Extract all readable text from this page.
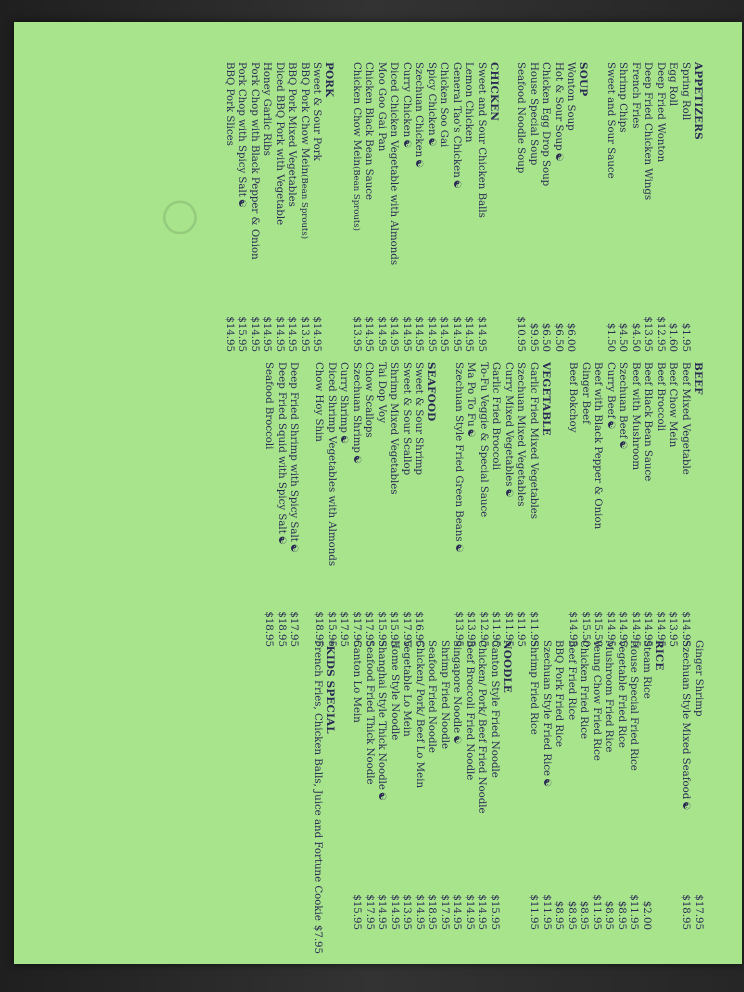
○
APPETIZERS
Spring Roll
$1.95
Egg Roll
$1.60
Deep Fried Wonton
$12.95
Deep Fried Chicken Wings
$13.95
French Fries
$4.50
Shrimp Chips
$4.50
Sweet and Sour Sauce
$1.50
SOUP
Wonton Soup
$6.00
Hot & Sour Soup
☯
$6.50
Chicken Egg Drop Soup
$6.50
House Special Soup
$9.95
Seafood Noodle Soup
$10.95
CHICKEN
Sweet and Sour Chicken Balls
$14.95
Lemon Chicken
$14.95
General Tao's Chicken
☯
$14.95
Chicken Soo Gai
$14.95
Spicy Chicken
☯
$14.95
Szechuan Chicken
☯
$14.95
Curry Chicken
☯
$14.95
Diced Chicken Vegetable with Almonds
$14.95
Moo Goo Gai Pan
$14.95
Chicken Black Bean Sauce
$14.95
Chicken Chow Mein
(Bean Sprouts)
$13.95
PORK
Sweet & Sour Pork
$14.95
BBQ Pork Chow Mein
(Bean Sprouts)
$13.95
BBQ Pork Mixed Vegetables
$14.95
Diced BBQ Pork with Vegetable
$14.95
Honey Garlic Ribs
$14.95
Pork Chop with Black Pepper & Onion
$14.95
Pork Chop with Spicy Salt
☯
$15.95
BBQ Pork Slices
$14.95
BEEF
Beef Mixed Vegetable
$14.95
Beef Chow Mein
$13.95
Beef Broccoli
$14.95
Beef Black Bean Sauce
$14.95
Beef with Mushroom
$14.95
Szechuan Beef
☯
$14.95
Curry Beef
☯
$14.95
Beef with Black Pepper & Onion
$15.50
Ginger Beef
$15.50
Beef Bokchoy
$14.95
VEGETABLE
Garlic Fried Mixed Vegetables
$11.95
Szechuan Mixed Vegetables
$11.95
Curry Mixed Vegetables
☯
$11.95
Garlic Fried Broccoli
$11.95
To-Fu Veggie & Special Sauce
$12.95
Ma Po To Fu
☯
$13.95
Szechuan Style Fried Green Beans
☯
$13.95
SEAFOOD
Sweet & Sour Shrimp
$16.95
Sweet & Sour Scallop
$17.95
Shrimp Mixed Vegetables
$15.95
Tai Dop Voy
$15.95
Chow Scallops
$17.95
Szechuan Shrimp
☯
$17.95
Curry Shrimp
☯
$17.95
Diced Shrimp Vegetables with Almonds
$15.95
Chow Hoy Shin
$18.95

Deep Fried Shrimp with Spicy Salt
☯
$17.95
Deep Fried Squid with Spicy Salt
☯
$18.95
Seafood Broccoli
$18.95
Ginger Shrimp
$17.95
Szechuan Style Mixed Seafood
☯
$18.95
RICE
Steam Rice
$2.00
House Special Fried Rice
$11.95
Vegetable Fried Rice
$8.95
Mushroom Fried Rice
$8.95
Yeung Chow Fried Rice
$11.95
Chicken Fried Rice
$8.95
Beef Fried Rice
$8.95
BBQ Pork Fried Rice
$8.95
Szechuan Style Fried Rice
☯
$11.95
Shrimp Fried Rice
$11.95
NOODLE
Canton Style Fried Noodle
$15.95
Chicken/ Pork/ Beef Fried Noodle
$14.95
Beef Broccoli Fried Noodle
$14.95
Singapore Noodle
☯
$14.95
Shrimp Fried Noodle
$17.95
Seafood Fried Noodle
$18.95
Chicken/ Pork/ Beef Lo Mein
$14.95
Vegetable Lo Mein
$13.95
Home Style Noodle
$14.95
Shanghai Style Thick Noodle
☯
$14.95
Seafood Fried Thick Noodle
$17.95
Canton Lo Mein
$15.95
*KIDS SPECIAL
French Fries, Chicken Balls, Juice and Fortune Cookie
$7.95
